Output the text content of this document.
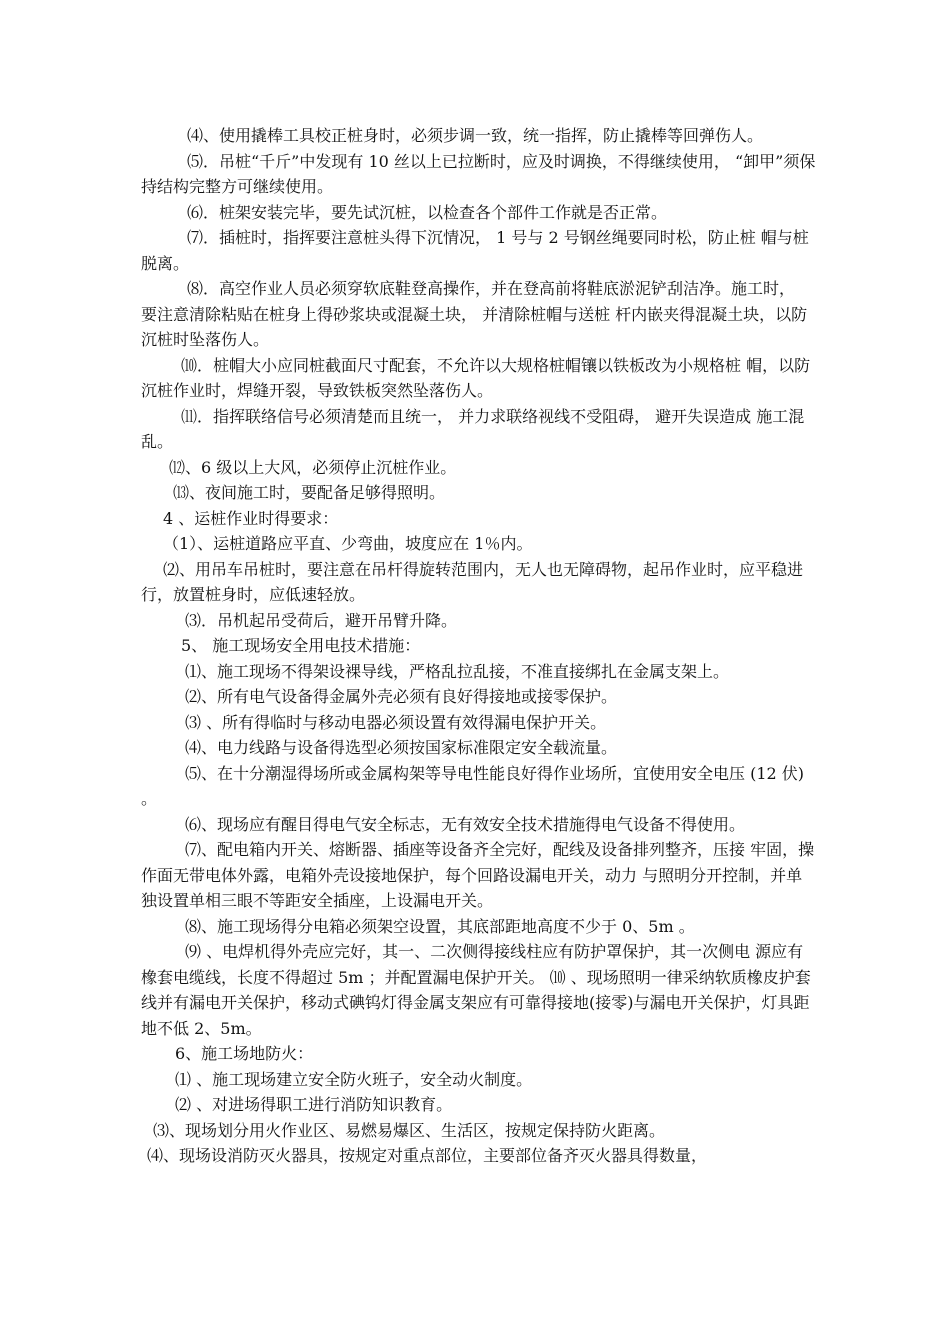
⑷、使用撬棒工具校正桩身时，必须步调一致，统一指挥，防止撬棒等回弹伤人。

⑸．吊桩“千斤”中发现有 10 丝以上已拉断时，应及时调换，不得继续使用， “卸甲”须保持结构完整方可继续使用。

⑹．桩架安装完毕，要先试沉桩，以检查各个部件工作就是否正常。

⑺．插桩时，指挥要注意桩头得下沉情况， 1 号与 2 号钢丝绳要同时松，防止桩 帽与桩脱离。

⑻．高空作业人员必须穿软底鞋登高操作，并在登高前将鞋底淤泥铲刮洁净。施工时， 要注意清除粘贴在桩身上得砂浆块或混凝土块， 并清除桩帽与送桩 杆内嵌夹得混凝土块，以防沉桩时坠落伤人。

⑽．桩帽大小应同桩截面尺寸配套，不允许以大规格桩帽镶以铁板改为小规格桩 帽，以防沉桩作业时，焊缝开裂，导致铁板突然坠落伤人。

⑾．指挥联络信号必须清楚而且统一， 并力求联络视线不受阻碍， 避开失误造成 施工混乱。

⑿、6 级以上大风，必须停止沉桩作业。

⒀、夜间施工时，要配备足够得照明。

4 、运桩作业时得要求：

（1）、运桩道路应平直、少弯曲，坡度应在 1％内。

⑵、用吊车吊桩时，要注意在吊杆得旋转范围内，无人也无障碍物，起吊作业时，应平稳进行，放置桩身时，应低速轻放。

⑶．吊机起吊受荷后，避开吊臂升降。

5、 施工现场安全用电技术措施：

⑴、施工现场不得架设裸导线，严格乱拉乱接，不准直接绑扎在金属支架上。

⑵、所有电气设备得金属外壳必须有良好得接地或接零保护。

⑶ 、所有得临时与移动电器必须设置有效得漏电保护开关。

⑷、电力线路与设备得选型必须按国家标准限定安全载流量。

⑸、在十分潮湿得场所或金属构架等导电性能良好得作业场所，宜使用安全电压 (12 伏) 。

⑹、现场应有醒目得电气安全标志，无有效安全技术措施得电气设备不得使用。

⑺、配电箱内开关、熔断器、插座等设备齐全完好，配线及设备排列整齐，压接 牢固，操作面无带电体外露，电箱外壳设接地保护，每个回路设漏电开关，动力 与照明分开控制，并单独设置单相三眼不等距安全插座，上设漏电开关。

⑻、施工现场得分电箱必须架空设置，其底部距地高度不少于 0、5m 。

⑼ 、电焊机得外壳应完好，其一、二次侧得接线柱应有防护罩保护，其一次侧电 源应有橡套电缆线，长度不得超过 5m ；并配置漏电保护开关。 ⑽ 、现场照明一律采纳软质橡皮护套线并有漏电开关保护，移动式碘钨灯得金属支架应有可靠得接地(接零)与漏电开关保护，灯具距地不低 2、5m。

6、施工场地防火：

⑴ 、施工现场建立安全防火班子，安全动火制度。

⑵ 、对进场得职工进行消防知识教育。

⑶、现场划分用火作业区、易燃易爆区、生活区，按规定保持防火距离。

⑷、现场设消防灭火器具，按规定对重点部位，主要部位备齐灭火器具得数量，
